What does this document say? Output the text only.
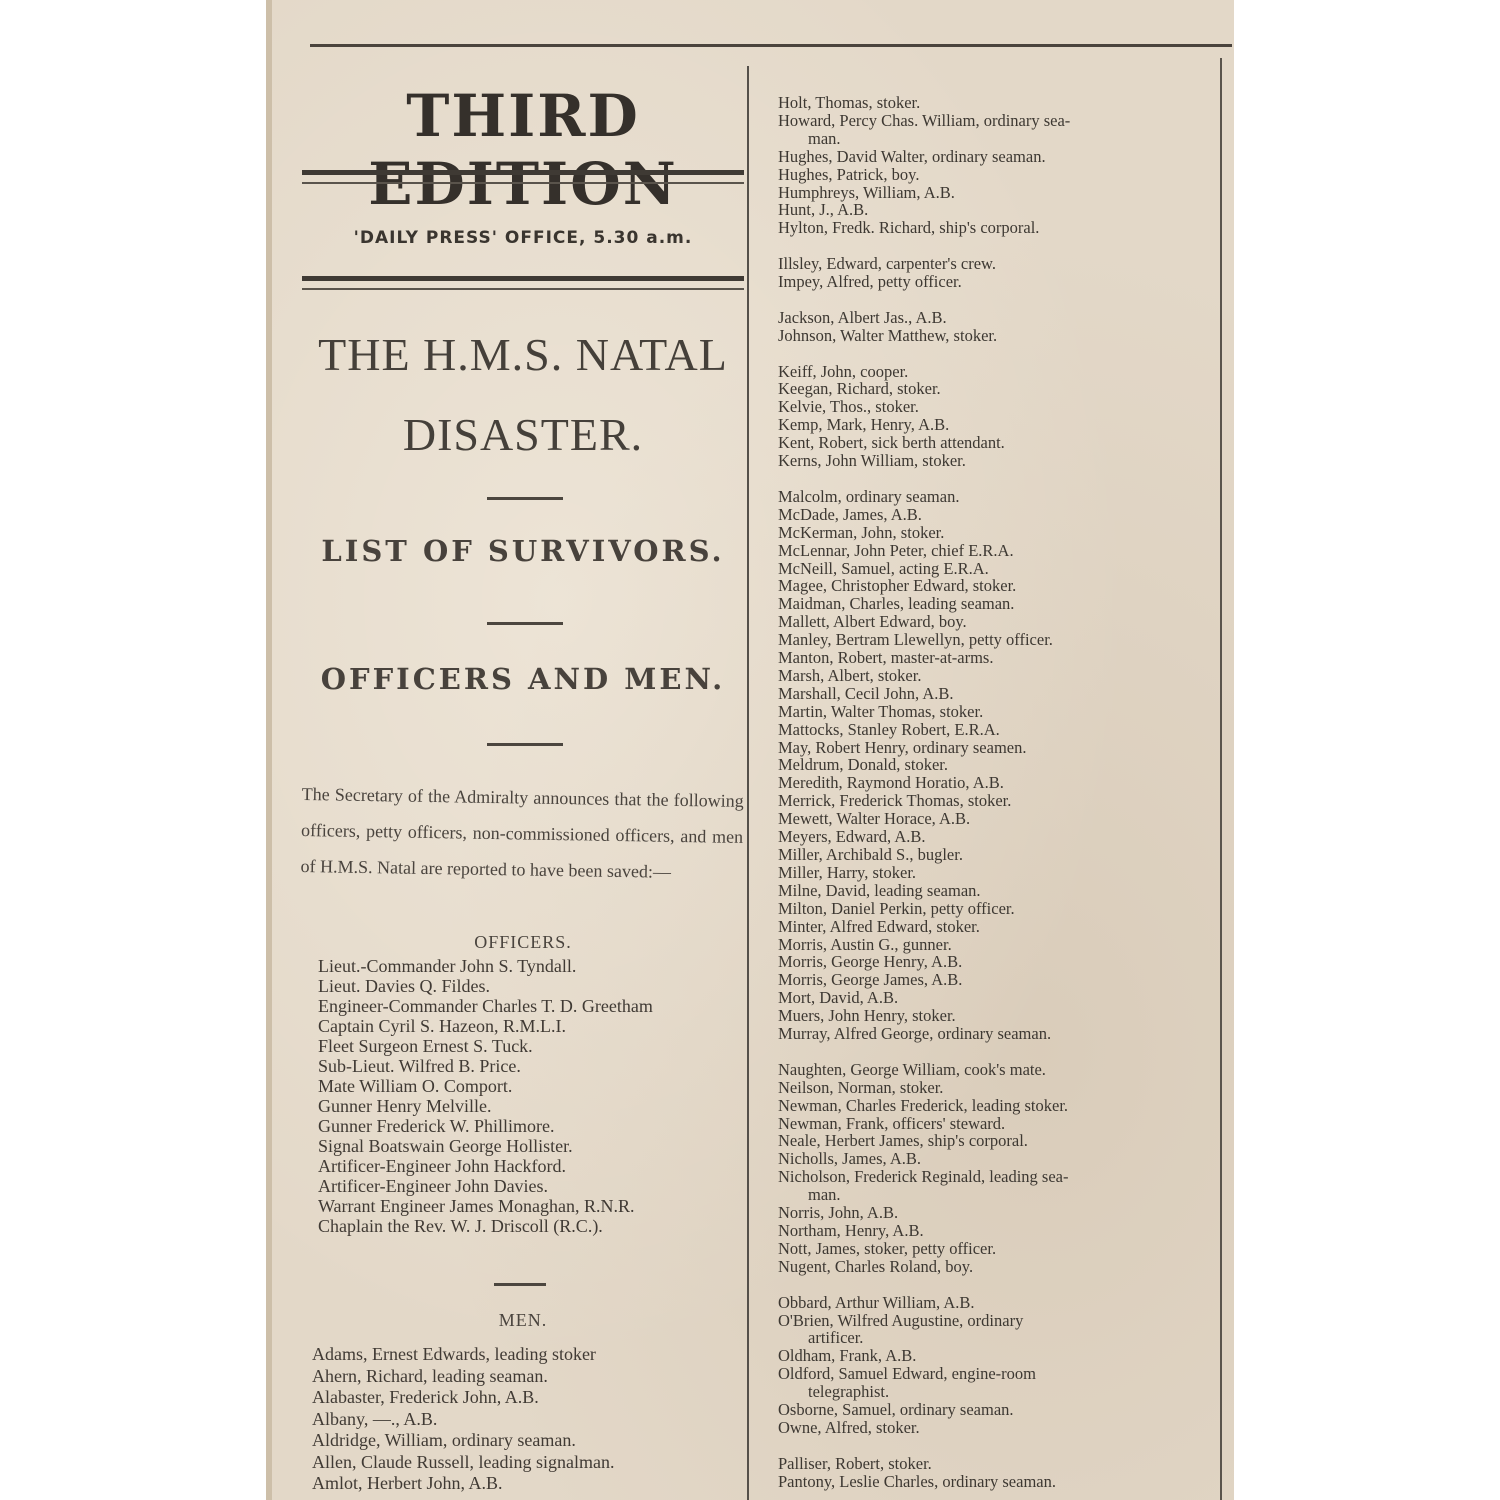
THIRD EDITION
'DAILY PRESS' OFFICE, 5.30 a.m.
THE H.M.S. NATAL
DISASTER.
LIST OF SURVIVORS.
OFFICERS AND MEN.
The Secretary of the Admiralty announces that the following officers, petty officers, non-commissioned officers, and men of H.M.S. Natal are reported to have been saved:—
OFFICERS.
Lieut.-Commander John S. Tyndall.
Lieut. Davies Q. Fildes.
Engineer-Commander Charles T. D. Greetham
Captain Cyril S. Hazeon, R.M.L.I.
Fleet Surgeon Ernest S. Tuck.
Sub-Lieut. Wilfred B. Price.
Mate William O. Comport.
Gunner Henry Melville.
Gunner Frederick W. Phillimore.
Signal Boatswain George Hollister.
Artificer-Engineer John Hackford.
Artificer-Engineer John Davies.
Warrant Engineer James Monaghan, R.N.R.
Chaplain the Rev. W. J. Driscoll (R.C.).
MEN.
Adams, Ernest Edwards, leading stoker
Ahern, Richard, leading seaman.
Alabaster, Frederick John, A.B.
Albany, —., A.B.
Aldridge, William, ordinary seaman.
Allen, Claude Russell, leading signalman.
Amlot, Herbert John, A.B.
Holt, Thomas, stoker.
Howard, Percy Chas. William, ordinary sea-
man.
Hughes, David Walter, ordinary seaman.
Hughes, Patrick, boy.
Humphreys, William, A.B.
Hunt, J., A.B.
Hylton, Fredk. Richard, ship's corporal.
Illsley, Edward, carpenter's crew.
Impey, Alfred, petty officer.
Jackson, Albert Jas., A.B.
Johnson, Walter Matthew, stoker.
Keiff, John, cooper.
Keegan, Richard, stoker.
Kelvie, Thos., stoker.
Kemp, Mark, Henry, A.B.
Kent, Robert, sick berth attendant.
Kerns, John William, stoker.
Malcolm, ordinary seaman.
McDade, James, A.B.
McKerman, John, stoker.
McLennar, John Peter, chief E.R.A.
McNeill, Samuel, acting E.R.A.
Magee, Christopher Edward, stoker.
Maidman, Charles, leading seaman.
Mallett, Albert Edward, boy.
Manley, Bertram Llewellyn, petty officer.
Manton, Robert, master-at-arms.
Marsh, Albert, stoker.
Marshall, Cecil John, A.B.
Martin, Walter Thomas, stoker.
Mattocks, Stanley Robert, E.R.A.
May, Robert Henry, ordinary seamen.
Meldrum, Donald, stoker.
Meredith, Raymond Horatio, A.B.
Merrick, Frederick Thomas, stoker.
Mewett, Walter Horace, A.B.
Meyers, Edward, A.B.
Miller, Archibald S., bugler.
Miller, Harry, stoker.
Milne, David, leading seaman.
Milton, Daniel Perkin, petty officer.
Minter, Alfred Edward, stoker.
Morris, Austin G., gunner.
Morris, George Henry, A.B.
Morris, George James, A.B.
Mort, David, A.B.
Muers, John Henry, stoker.
Murray, Alfred George, ordinary seaman.
Naughten, George William, cook's mate.
Neilson, Norman, stoker.
Newman, Charles Frederick, leading stoker.
Newman, Frank, officers' steward.
Neale, Herbert James, ship's corporal.
Nicholls, James, A.B.
Nicholson, Frederick Reginald, leading sea-
man.
Norris, John, A.B.
Northam, Henry, A.B.
Nott, James, stoker, petty officer.
Nugent, Charles Roland, boy.
Obbard, Arthur William, A.B.
O'Brien, Wilfred Augustine, ordinary
artificer.
Oldham, Frank, A.B.
Oldford, Samuel Edward, engine-room
telegraphist.
Osborne, Samuel, ordinary seaman.
Owne, Alfred, stoker.
Palliser, Robert, stoker.
Pantony, Leslie Charles, ordinary seaman.
